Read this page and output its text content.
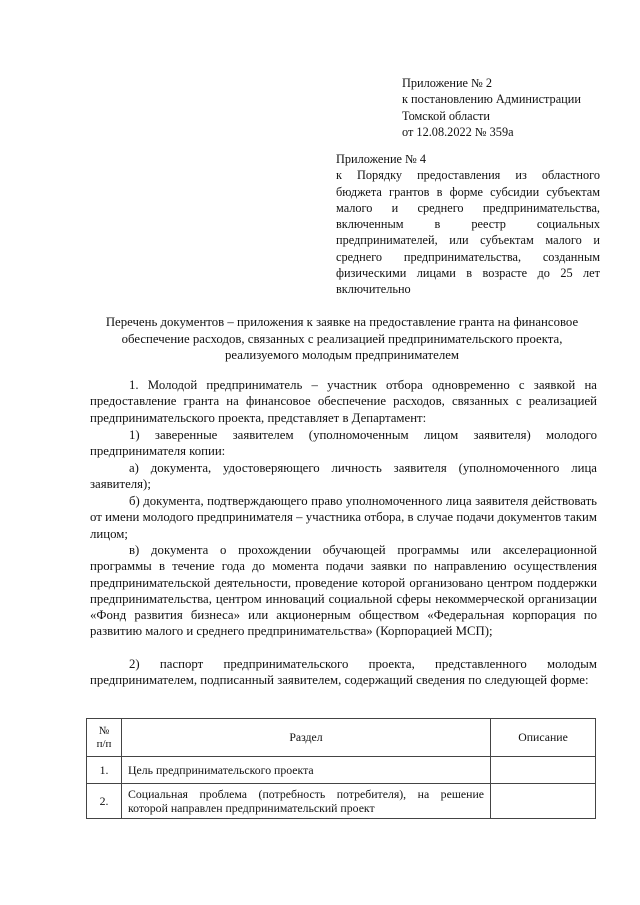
Приложение № 2

к постановлению Администрации

Томской области

от 12.08.2022 № 359а

Приложение № 4

к Порядку предоставления из областного бюджета грантов в форме субсидии субъектам малого и среднего предпринимательства, включенным в реестр социальных предпринимателей, или субъектам малого и среднего предпринимательства, созданным физическими лицами в возрасте до 25 лет включительно

Перечень документов – приложения к заявке на предоставление гранта на финансовое обеспечение расходов, связанных с реализацией предпринимательского проекта, реализуемого молодым предпринимателем

1. Молодой предприниматель – участник отбора одновременно с заявкой на предоставление гранта на финансовое обеспечение расходов, связанных с реализацией предпринимательского проекта, представляет в Департамент:

1) заверенные заявителем (уполномоченным лицом заявителя) молодого предпринимателя копии:

а) документа, удостоверяющего личность заявителя (уполномоченного лица заявителя);

б) документа, подтверждающего право уполномоченного лица заявителя действовать от имени молодого предпринимателя – участника отбора, в случае подачи документов таким лицом;

в) документа о прохождении обучающей программы или акселерационной программы в течение года до момента подачи заявки по направлению осуществления предпринимательской деятельности, проведение которой организовано центром поддержки предпринимательства, центром инноваций социальной сферы некоммерческой организации «Фонд развития бизнеса» или акционерным обществом «Федеральная корпорация по развитию малого и среднего предпринимательства» (Корпорацией МСП);

2) паспорт предпринимательского проекта, представленного молодым предпринимателем, подписанный заявителем, содержащий сведения по следующей форме:

№
п/п	Раздел	Описание
1.	Цель предпринимательского проекта	
2.	Социальная проблема (потребность потребителя), на решение которой направлен предпринимательский проект	
